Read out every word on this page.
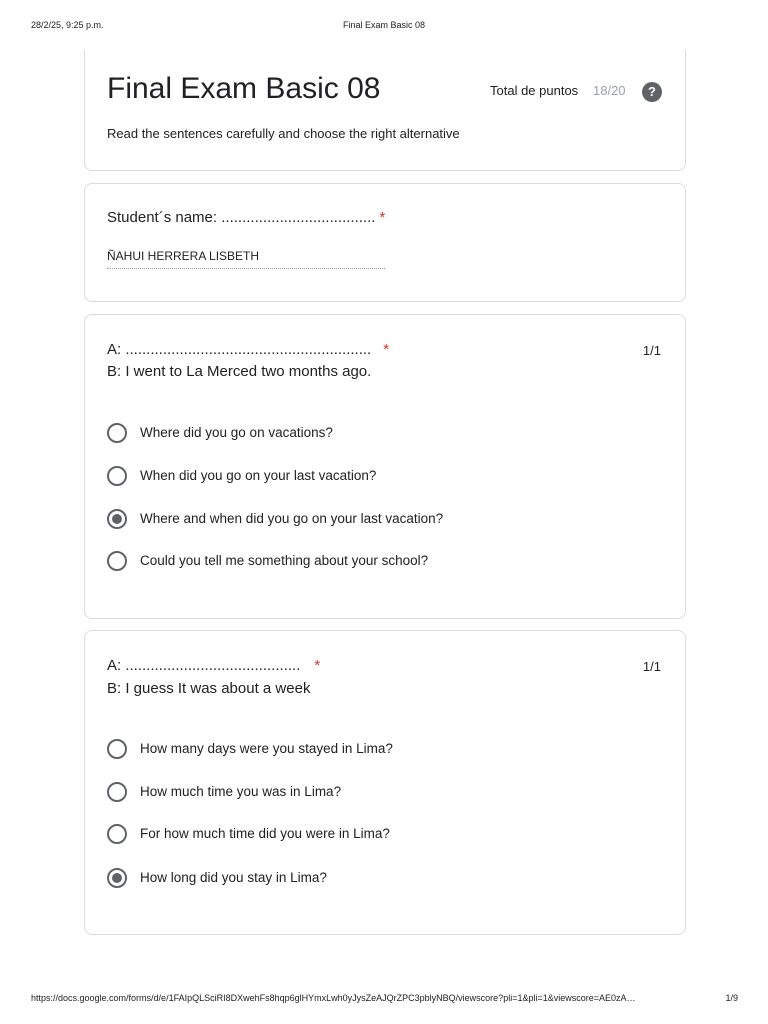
28/2/25, 9:25 p.m.	Final Exam Basic 08
Final Exam Basic 08	Total de puntos 18/20	?
Read the sentences carefully and choose the right alternative
Student´s name: ..................................... *
ÑAHUI HERRERA LISBETH
A: ........................................................... *	1/1
B: I went to La Merced two months ago.
Where did you go on vacations?
When did you go on your last vacation?
Where and when did you go on your last vacation?
Could you tell me something about your school?
A: .......................................... *	1/1
B: I guess It was about a week
How many days were you stayed in Lima?
How much time you was in Lima?
For how much time did you were in Lima?
How long did you stay in Lima?
https://docs.google.com/forms/d/e/1FAIpQLSciRI8DXwehFs8hqp6glHYmxLwh0yJysZeAJQrZPC3pblyNBQ/viewscore?pli=1&pli=1&viewscore=AE0zA…	1/9
